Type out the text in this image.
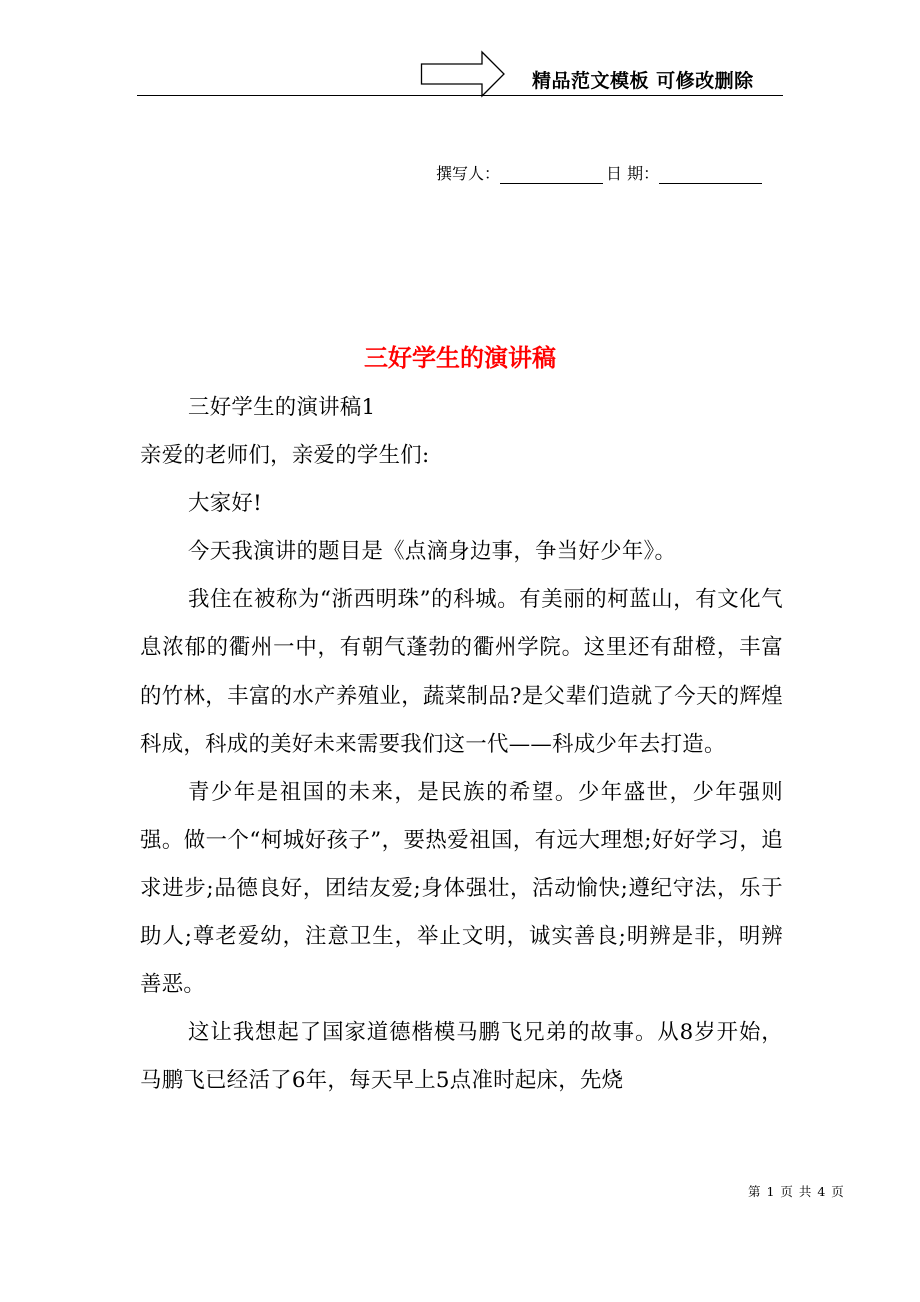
精品范文模板 可修改删除
撰写人：	日 期：
三好学生的演讲稿

三好学生的演讲稿1

亲爱的老师们，亲爱的学生们:

大家好!

今天我演讲的题目是《点滴身边事，争当好少年》。

我住在被称为“浙西明珠”的科城。有美丽的柯蓝山，有文化气息浓郁的衢州一中，有朝气蓬勃的衢州学院。这里还有甜橙，丰富的竹林，丰富的水产养殖业，蔬菜制品?是父辈们造就了今天的辉煌科成，科成的美好未来需要我们这一代——科成少年去打造。

青少年是祖国的未来，是民族的希望。少年盛世，少年强则强。做一个“柯城好孩子”，要热爱祖国，有远大理想;好好学习，追求进步;品德良好，团结友爱;身体强壮，活动愉快;遵纪守法，乐于助人;尊老爱幼，注意卫生，举止文明，诚实善良;明辨是非，明辨善恶。

这让我想起了国家道德楷模马鹏飞兄弟的故事。从8岁开始，马鹏飞已经活了6年，每天早上5点准时起床，先烧

第 1 页 共 4 页
